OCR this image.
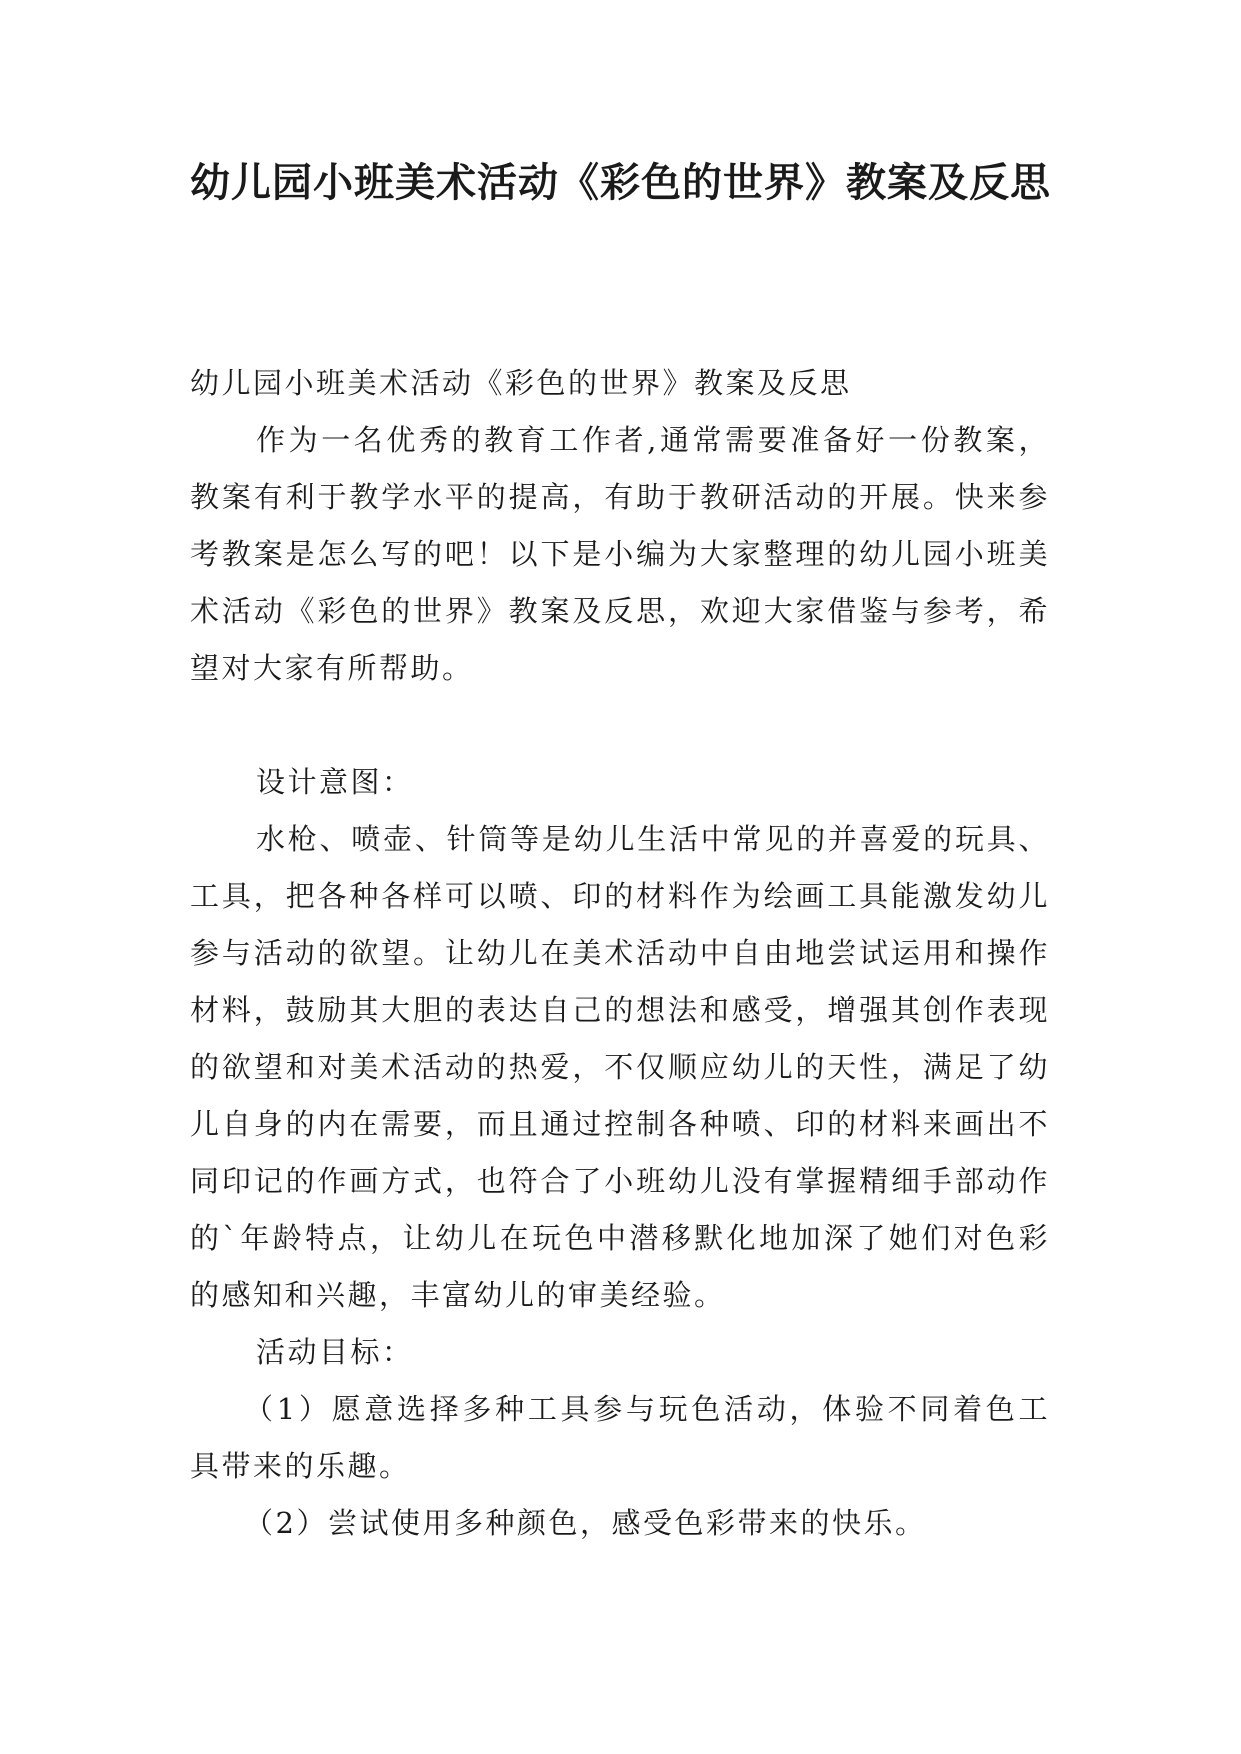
幼儿园小班美术活动《彩色的世界》教案及反思

幼儿园小班美术活动《彩色的世界》教案及反思

作为一名优秀的教育工作者,通常需要准备好一份教案，教案有利于教学水平的提高，有助于教研活动的开展。快来参考教案是怎么写的吧！以下是小编为大家整理的幼儿园小班美术活动《彩色的世界》教案及反思，欢迎大家借鉴与参考，希望对大家有所帮助。

设计意图：

水枪、喷壶、针筒等是幼儿生活中常见的并喜爱的玩具、工具，把各种各样可以喷、印的材料作为绘画工具能激发幼儿参与活动的欲望。让幼儿在美术活动中自由地尝试运用和操作材料，鼓励其大胆的表达自己的想法和感受，增强其创作表现的欲望和对美术活动的热爱，不仅顺应幼儿的天性，满足了幼儿自身的内在需要，而且通过控制各种喷、印的材料来画出不同印记的作画方式，也符合了小班幼儿没有掌握精细手部动作的`年龄特点，让幼儿在玩色中潜移默化地加深了她们对色彩的感知和兴趣，丰富幼儿的审美经验。

活动目标：

（1）愿意选择多种工具参与玩色活动，体验不同着色工具带来的乐趣。

（2）尝试使用多种颜色，感受色彩带来的快乐。
